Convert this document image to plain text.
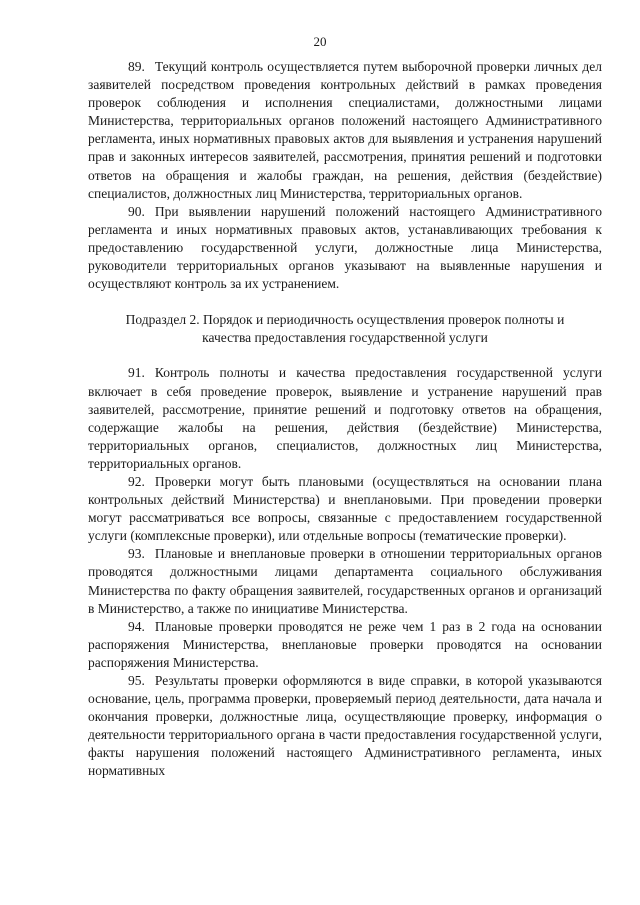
20

89. Текущий контроль осуществляется путем выборочной проверки личных дел заявителей посредством проведения контрольных действий в рамках проведения проверок соблюдения и исполнения специалистами, должностными лицами Министерства, территориальных органов положений настоящего Административного регламента, иных нормативных правовых актов для выявления и устранения нарушений прав и законных интересов заявителей, рассмотрения, принятия решений и подготовки ответов на обращения и жалобы граждан, на решения, действия (бездействие) специалистов, должностных лиц Министерства, территориальных органов.

90. При выявлении нарушений положений настоящего Административного регламента и иных нормативных правовых актов, устанавливающих требования к предоставлению государственной услуги, должностные лица Министерства, руководители территориальных органов указывают на выявленные нарушения и осуществляют контроль за их устранением.

Подраздел 2. Порядок и периодичность осуществления проверок полноты и качества предоставления государственной услуги

91. Контроль полноты и качества предоставления государственной услуги включает в себя проведение проверок, выявление и устранение нарушений прав заявителей, рассмотрение, принятие решений и подготовку ответов на обращения, содержащие жалобы на решения, действия (бездействие) Министерства, территориальных органов, специалистов, должностных лиц Министерства, территориальных органов.

92. Проверки могут быть плановыми (осуществляться на основании плана контрольных действий Министерства) и внеплановыми. При проведении проверки могут рассматриваться все вопросы, связанные с предоставлением государственной услуги (комплексные проверки), или отдельные вопросы (тематические проверки).

93. Плановые и внеплановые проверки в отношении территориальных органов проводятся должностными лицами департамента социального обслуживания Министерства по факту обращения заявителей, государственных органов и организаций в Министерство, а также по инициативе Министерства.

94. Плановые проверки проводятся не реже чем 1 раз в 2 года на основании распоряжения Министерства, внеплановые проверки проводятся на основании распоряжения Министерства.

95. Результаты проверки оформляются в виде справки, в которой указываются основание, цель, программа проверки, проверяемый период деятельности, дата начала и окончания проверки, должностные лица, осуществляющие проверку, информация о деятельности территориального органа в части предоставления государственной услуги, факты нарушения положений настоящего Административного регламента, иных нормативных
